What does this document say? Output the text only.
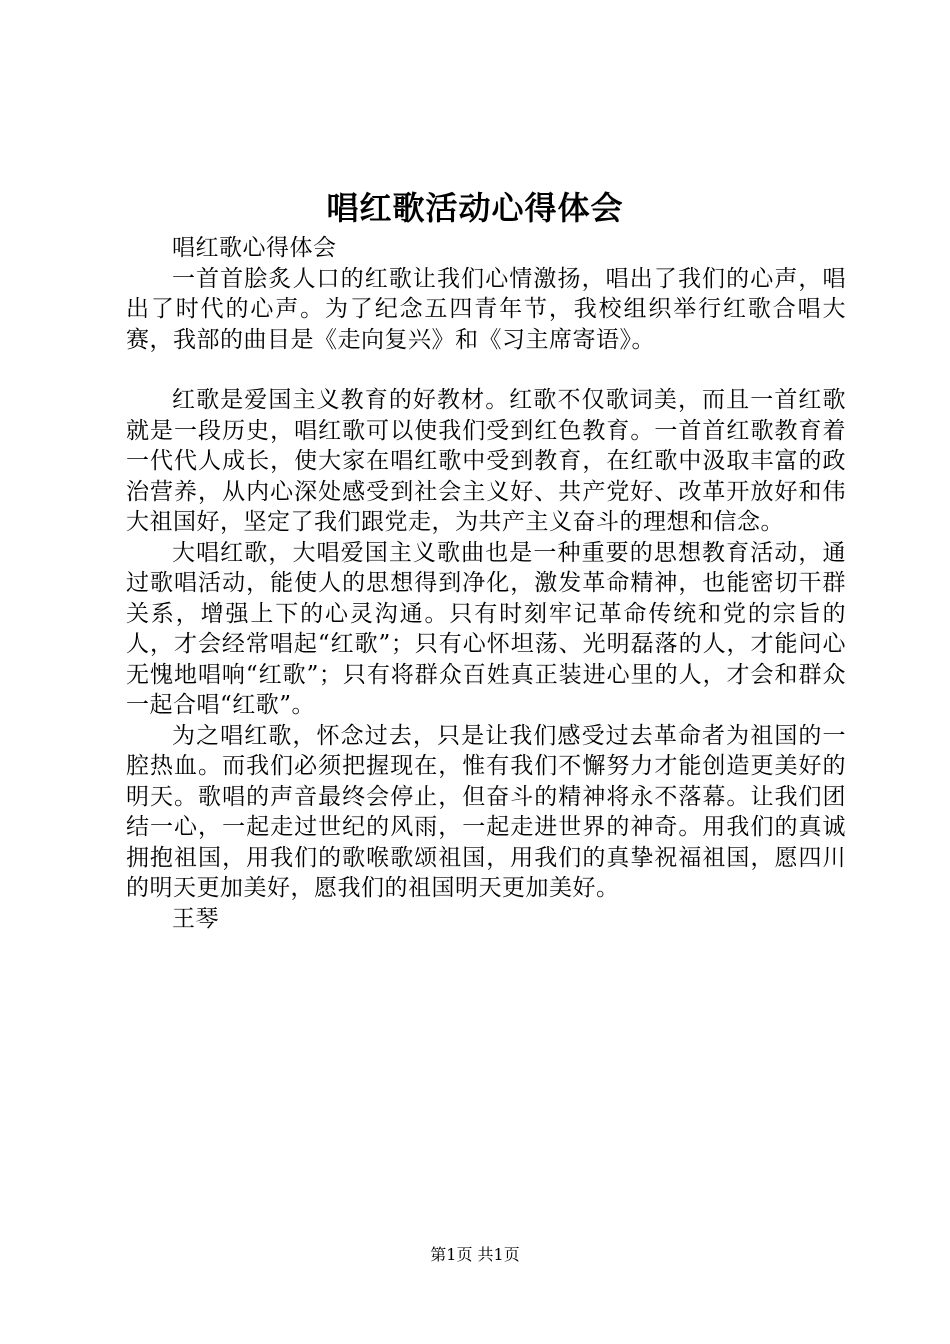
唱红歌活动心得体会

唱红歌心得体会

一首首脍炙人口的红歌让我们心情激扬，唱出了我们的心声，唱出了时代的心声。为了纪念五四青年节，我校组织举行红歌合唱大赛，我部的曲目是《走向复兴》和《习主席寄语》。

红歌是爱国主义教育的好教材。红歌不仅歌词美，而且一首红歌就是一段历史，唱红歌可以使我们受到红色教育。一首首红歌教育着一代代人成长，使大家在唱红歌中受到教育，在红歌中汲取丰富的政治营养，从内心深处感受到社会主义好、共产党好、改革开放好和伟大祖国好，坚定了我们跟党走，为共产主义奋斗的理想和信念。

大唱红歌，大唱爱国主义歌曲也是一种重要的思想教育活动，通过歌唱活动，能使人的思想得到净化，激发革命精神，也能密切干群关系，增强上下的心灵沟通。只有时刻牢记革命传统和党的宗旨的人，才会经常唱起“红歌”；只有心怀坦荡、光明磊落的人，才能问心无愧地唱响“红歌”；只有将群众百姓真正装进心里的人，才会和群众一起合唱“红歌”。

为之唱红歌，怀念过去，只是让我们感受过去革命者为祖国的一腔热血。而我们必须把握现在，惟有我们不懈努力才能创造更美好的明天。歌唱的声音最终会停止，但奋斗的精神将永不落幕。让我们团结一心，一起走过世纪的风雨，一起走进世界的神奇。用我们的真诚拥抱祖国，用我们的歌喉歌颂祖国，用我们的真挚祝福祖国，愿四川的明天更加美好，愿我们的祖国明天更加美好。

王琴

第1页 共1页
